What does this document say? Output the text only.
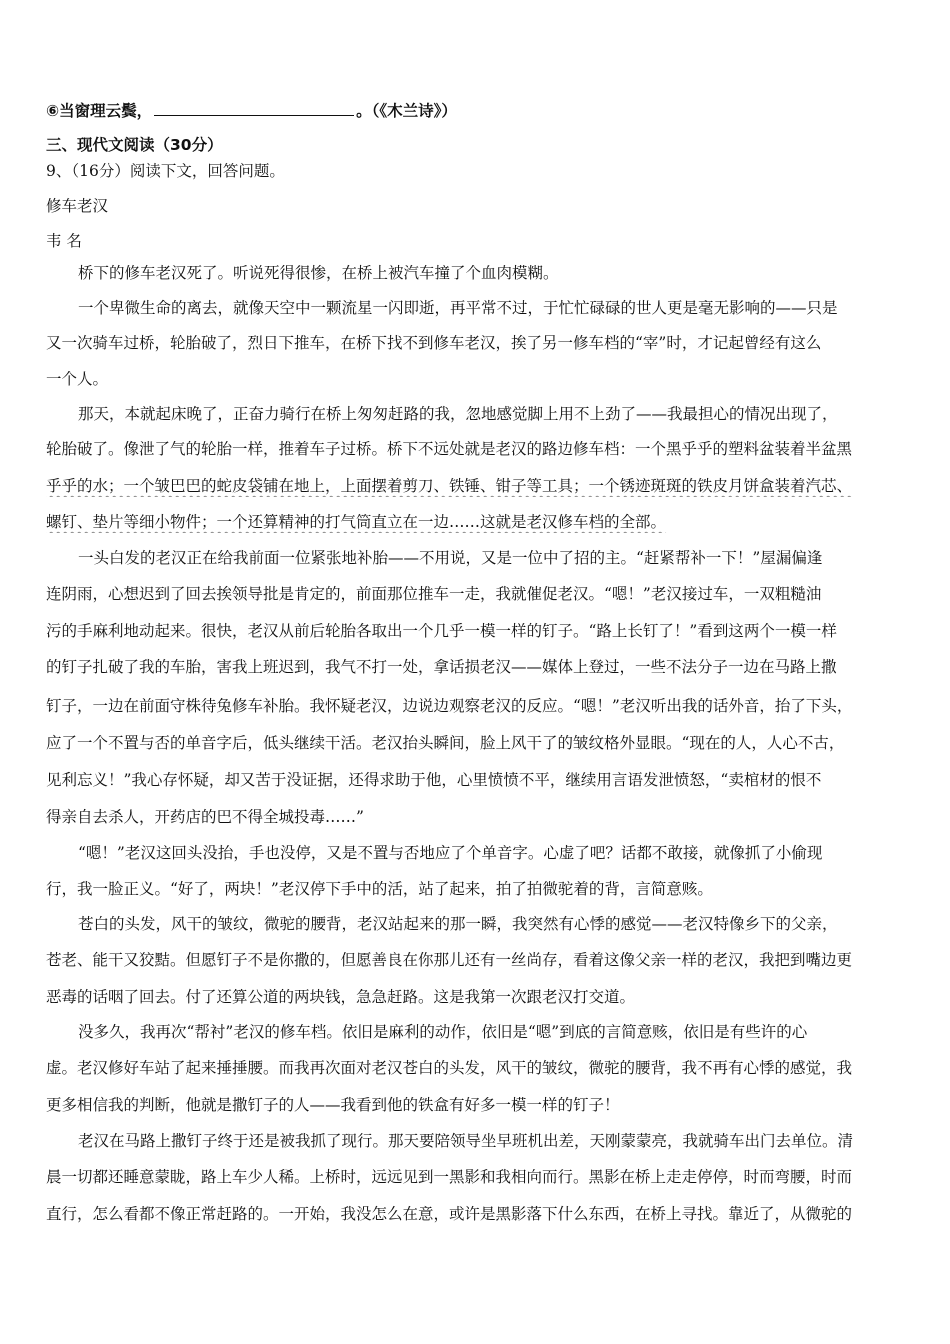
⑥当窗理云鬓，	。（《木兰诗》）
三、现代文阅读（30分）
9、（16分）阅读下文，回答问题。
修车老汉
韦 名
桥下的修车老汉死了。听说死得很惨，在桥上被汽车撞了个血肉模糊。
一个卑微生命的离去，就像天空中一颗流星一闪即逝，再平常不过，于忙忙碌碌的世人更是毫无影响的——只是
又一次骑车过桥，轮胎破了，烈日下推车，在桥下找不到修车老汉，挨了另一修车档的“宰”时，才记起曾经有这么
一个人。
那天，本就起床晚了，正奋力骑行在桥上匆匆赶路的我，忽地感觉脚上用不上劲了——我最担心的情况出现了，
轮胎破了。像泄了气的轮胎一样，推着车子过桥。桥下不远处就是老汉的路边修车档：一个黑乎乎的塑料盆装着半盆黑
乎乎的水；一个皱巴巴的蛇皮袋铺在地上，上面摆着剪刀、铁锤、钳子等工具；一个锈迹斑斑的铁皮月饼盒装着汽芯、
螺钉、垫片等细小物件；一个还算精神的打气筒直立在一边……这就是老汉修车档的全部。
一头白发的老汉正在给我前面一位紧张地补胎——不用说，又是一位中了招的主。“赶紧帮补一下！”屋漏偏逢
连阴雨，心想迟到了回去挨领导批是肯定的，前面那位推车一走，我就催促老汉。“嗯！”老汉接过车，一双粗糙油
污的手麻利地动起来。很快，老汉从前后轮胎各取出一个几乎一模一样的钉子。“路上长钉了！”看到这两个一模一样
的钉子扎破了我的车胎，害我上班迟到，我气不打一处，拿话损老汉——媒体上登过，一些不法分子一边在马路上撒
钉子，一边在前面守株待兔修车补胎。我怀疑老汉，边说边观察老汉的反应。“嗯！”老汉听出我的话外音，抬了下头，
应了一个不置与否的单音字后，低头继续干活。老汉抬头瞬间，脸上风干了的皱纹格外显眼。“现在的人，人心不古，
见利忘义！”我心存怀疑，却又苦于没证据，还得求助于他，心里愤愤不平，继续用言语发泄愤怒，“卖棺材的恨不
得亲自去杀人，开药店的巴不得全城投毒……”
“嗯！”老汉这回头没抬，手也没停，又是不置与否地应了个单音字。心虚了吧？话都不敢接，就像抓了小偷现
行，我一脸正义。“好了，两块！”老汉停下手中的活，站了起来，拍了拍微驼着的背，言简意赅。
苍白的头发，风干的皱纹，微驼的腰背，老汉站起来的那一瞬，我突然有心悸的感觉——老汉特像乡下的父亲，
苍老、能干又狡黠。但愿钉子不是你撒的，但愿善良在你那儿还有一丝尚存，看着这像父亲一样的老汉，我把到嘴边更
恶毒的话咽了回去。付了还算公道的两块钱，急急赶路。这是我第一次跟老汉打交道。
没多久，我再次“帮衬”老汉的修车档。依旧是麻利的动作，依旧是“嗯”到底的言简意赅，依旧是有些许的心
虚。老汉修好车站了起来捶捶腰。而我再次面对老汉苍白的头发，风干的皱纹，微驼的腰背，我不再有心悸的感觉，我
更多相信我的判断，他就是撒钉子的人——我看到他的铁盒有好多一模一样的钉子！
老汉在马路上撒钉子终于还是被我抓了现行。那天要陪领导坐早班机出差，天刚蒙蒙亮，我就骑车出门去单位。清
晨一切都还睡意蒙眬，路上车少人稀。上桥时，远远见到一黑影和我相向而行。黑影在桥上走走停停，时而弯腰，时而
直行，怎么看都不像正常赶路的。一开始，我没怎么在意，或许是黑影落下什么东西，在桥上寻找。靠近了，从微驼的
